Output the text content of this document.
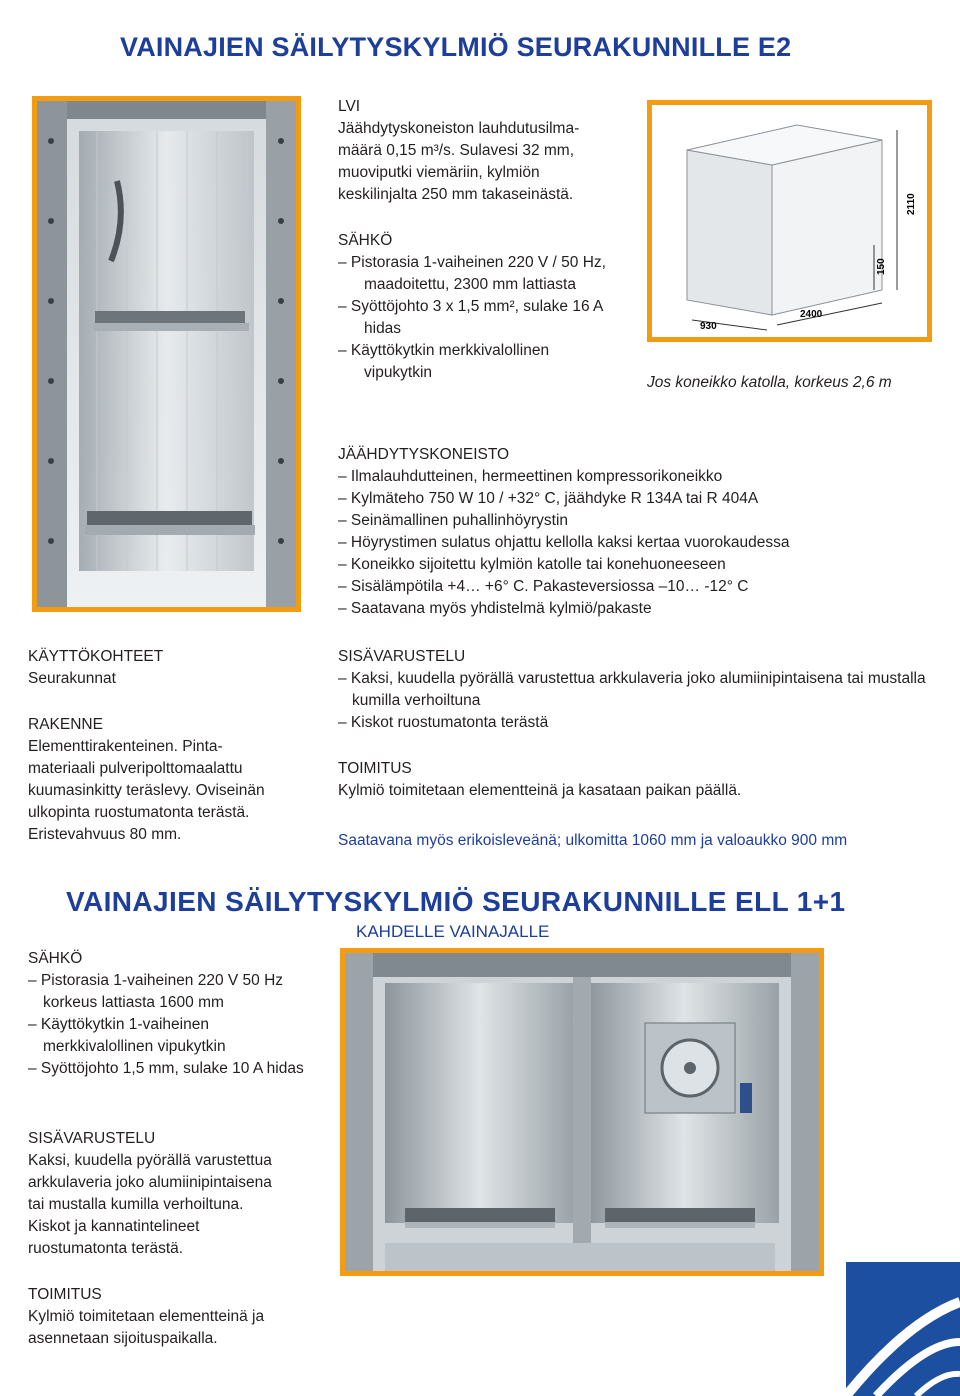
VAINAJIEN SÄILYTYSKYLMIÖ SEURAKUNNILLE E2
LVI
Jäähdytyskoneiston lauhdutusilma-
määrä 0,15 m³/s. Sulavesi 32 mm,
muoviputki viemäriin, kylmiön
keskilinjalta 250 mm takaseinästä.
SÄHKÖ
– Pistorasia 1-vaiheinen 220 V / 50 Hz, maadoitettu, 2300 mm lattiasta
– Syöttöjohto 3 x 1,5 mm², sulake 16 A hidas
– Käyttökytkin merkkivalollinen vipukytkin
2110
150
2400
930
Jos koneikko katolla, korkeus 2,6 m
JÄÄHDYTYSKONEISTO
– Ilmalauhdutteinen, hermeettinen kompressorikoneikko
– Kylmäteho 750 W 10 / +32° C, jäähdyke R 134A tai R 404A
– Seinämallinen puhallinhöyrystin
– Höyrystimen sulatus ohjattu kellolla kaksi kertaa vuorokaudessa
– Koneikko sijoitettu kylmiön katolle tai konehuoneeseen
– Sisälämpötila +4… +6° C. Pakasteversiossa –10… -12° C
– Saatavana myös yhdistelmä kylmiö/pakaste
KÄYTTÖKOHTEET
Seurakunnat
RAKENNE
Elementtirakenteinen. Pinta-
materiaali pulveripolttomaalattu
kuumasinkitty teräslevy. Oviseinän
ulkopinta ruostumatonta terästä.
Eristevahvuus 80 mm.
SISÄVARUSTELU
– Kaksi, kuudella pyörällä varustettua arkkulaveria joko alumiinipintaisena tai mustalla kumilla verhoiltuna
– Kiskot ruostumatonta terästä
TOIMITUS
Kylmiö toimitetaan elementteinä ja kasataan paikan päällä.
Saatavana myös erikoisleveänä; ulkomitta 1060 mm ja valoaukko 900 mm
VAINAJIEN SÄILYTYSKYLMIÖ SEURAKUNNILLE ELL 1+1
KAHDELLE VAINAJALLE
SÄHKÖ
– Pistorasia 1-vaiheinen 220 V 50 Hz korkeus lattiasta 1600 mm
– Käyttökytkin 1-vaiheinen merkkivalollinen vipukytkin
– Syöttöjohto 1,5 mm, sulake 10 A hidas
SISÄVARUSTELU
Kaksi, kuudella pyörällä varustettua
arkkulaveria joko alumiinipintaisena
tai mustalla kumilla verhoiltuna.
Kiskot ja kannatintelineet
ruostumatonta terästä.
TOIMITUS
Kylmiö toimitetaan elementteinä ja
asennetaan sijoituspaikalla.
